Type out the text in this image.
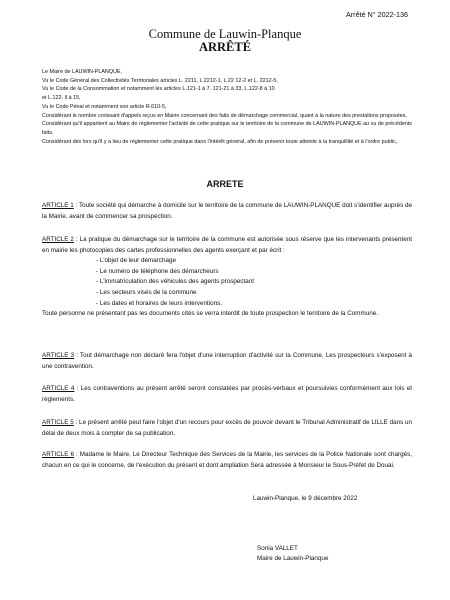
Arrêté N° 2022-136
Commune de Lauwin-Planque
ARRÊTÉ
Le Maire de LAUWIN-PLANQUE,
Vu le Code Général des Collectivités Territoriales articles L. 2211, L 2212-1, L 22 12-2 et L. 2212-5,
Vu le Code de la Consommation et notamment les articles L.121-1 à 7. 121-21 à 33, L.122-8 à 10
et L.122- ll à 15,
Vu le Code Pénal et notamment son article R.610-5,
Considérant le nombre croissant d'appels reçus en Mairie concernant des faits de démarchage commercial, quant à la nature des prestations proposées,
Considérant qu'il appartient au Maire de réglementer l'activité de cette pratique sur le territoire de la commune de LAUWIN-PLANQUE au vu de précédents faits,
Considérant dès lors qu'il y a lieu de réglementer cette pratique dans l'intérêt général, afin de prévenir toute atteinte à la tranquillité et à l'ordre public,
ARRETE
ARTICLE 1 : Toute société qui démarche à domicile sur le territoire de la commune de LAUWIN-PLANQUE doit s'identifier auprès de la Mairie, avant de commencer sa prospection.
ARTICLE 2 : La pratique du démarchage sur le territoire de la commune est autorisée sous réserve que les intervenants présentent en mairie les photocopies des cartes professionnelles des agents exerçant et par écrit :
- L'objet de leur démarchage
- Le numéro de téléphone des démarcheurs
- L'immatriculation des véhicules des agents prospectant
- Les secteurs visés de la commune
- Les dates et horaires de leurs interventions.
Toute personne ne présentant pas les documents cités se verra interdit de toute prospection le territoire de la Commune.
ARTICLE 3 : Tout démarchage non déclaré fera l'objet d'une interruption d'activité sur la Commune. Les prospecteurs s'exposent à une contravention.
ARTICLE 4 : Les contraventions au présent arrêté seront constatées par procès-verbaux et poursuivies conformément aux lois et règlements.
ARTICLE 5 : Le présent arrêté peut faire l'objet d'un recours pour excès de pouvoir devant le Tribunal Administratif de LILLE dans un délai de deux mois à compter de sa publication.
ARTICLE 6 : Madame le Maire, Le Directeur Technique des Services de la Mairie, les services de la Police Nationale sont chargés, chacun en ce qui le concerne, de l'exécution du présent et dont ampliation Sera adressée à Monsieur le Sous-Préfet de Douai.
Lauwin-Planque, le 9 décembre 2022
Sonia VALLET
Maire de Lauwin-Planque
